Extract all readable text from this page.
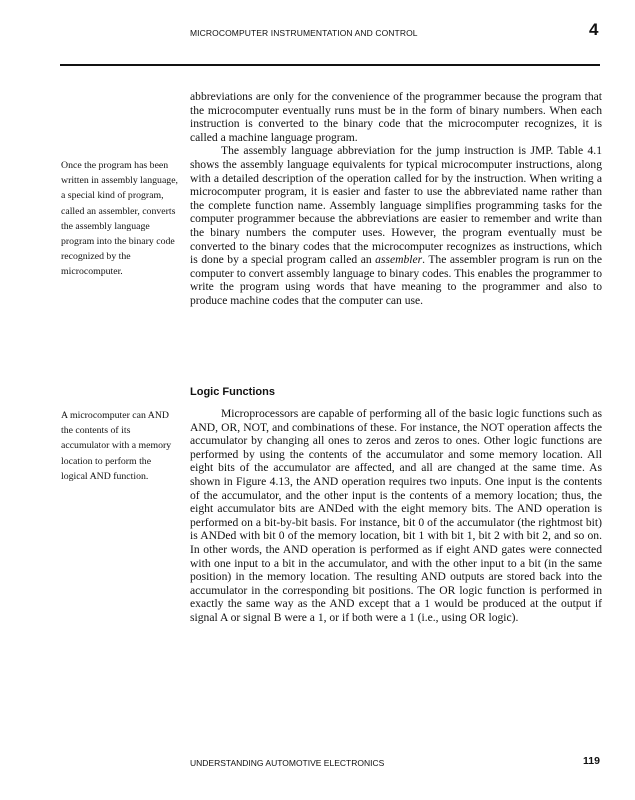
MICROCOMPUTER INSTRUMENTATION AND CONTROL	4
Once the program has been written in assembly language, a special kind of program, called an assembler, converts the assembly language program into the binary code recognized by the microcomputer.

abbreviations are only for the convenience of the programmer because the program that the microcomputer eventually runs must be in the form of binary numbers. When each instruction is converted to the binary code that the microcomputer recognizes, it is called a machine language program.

The assembly language abbreviation for the jump instruction is JMP. Table 4.1 shows the assembly language equivalents for typical microcomputer instructions, along with a detailed description of the operation called for by the instruction. When writing a microcomputer program, it is easier and faster to use the abbreviated name rather than the complete function name. Assembly language simplifies programming tasks for the computer programmer because the abbreviations are easier to remember and write than the binary numbers the computer uses. However, the program eventually must be converted to the binary codes that the microcomputer recognizes as instructions, which is done by a special program called an assembler. The assembler program is run on the computer to convert assembly language to binary codes. This enables the programmer to write the program using words that have meaning to the programmer and also to produce machine codes that the computer can use.

Logic Functions
A microcomputer can AND the contents of its accumulator with a memory location to perform the logical AND function.

Microprocessors are capable of performing all of the basic logic functions such as AND, OR, NOT, and combinations of these. For instance, the NOT operation affects the accumulator by changing all ones to zeros and zeros to ones. Other logic functions are performed by using the contents of the accumulator and some memory location. All eight bits of the accumulator are affected, and all are changed at the same time. As shown in Figure 4.13, the AND operation requires two inputs. One input is the contents of the accumulator, and the other input is the contents of a memory location; thus, the eight accumulator bits are ANDed with the eight memory bits. The AND operation is performed on a bit-by-bit basis. For instance, bit 0 of the accumulator (the rightmost bit) is ANDed with bit 0 of the memory location, bit 1 with bit 1, bit 2 with bit 2, and so on. In other words, the AND operation is performed as if eight AND gates were connected with one input to a bit in the accumulator, and with the other input to a bit (in the same position) in the memory location. The resulting AND outputs are stored back into the accumulator in the corresponding bit positions. The OR logic function is performed in exactly the same way as the AND except that a 1 would be produced at the output if signal A or signal B were a 1, or if both were a 1 (i.e., using OR logic).

UNDERSTANDING AUTOMOTIVE ELECTRONICS	119
